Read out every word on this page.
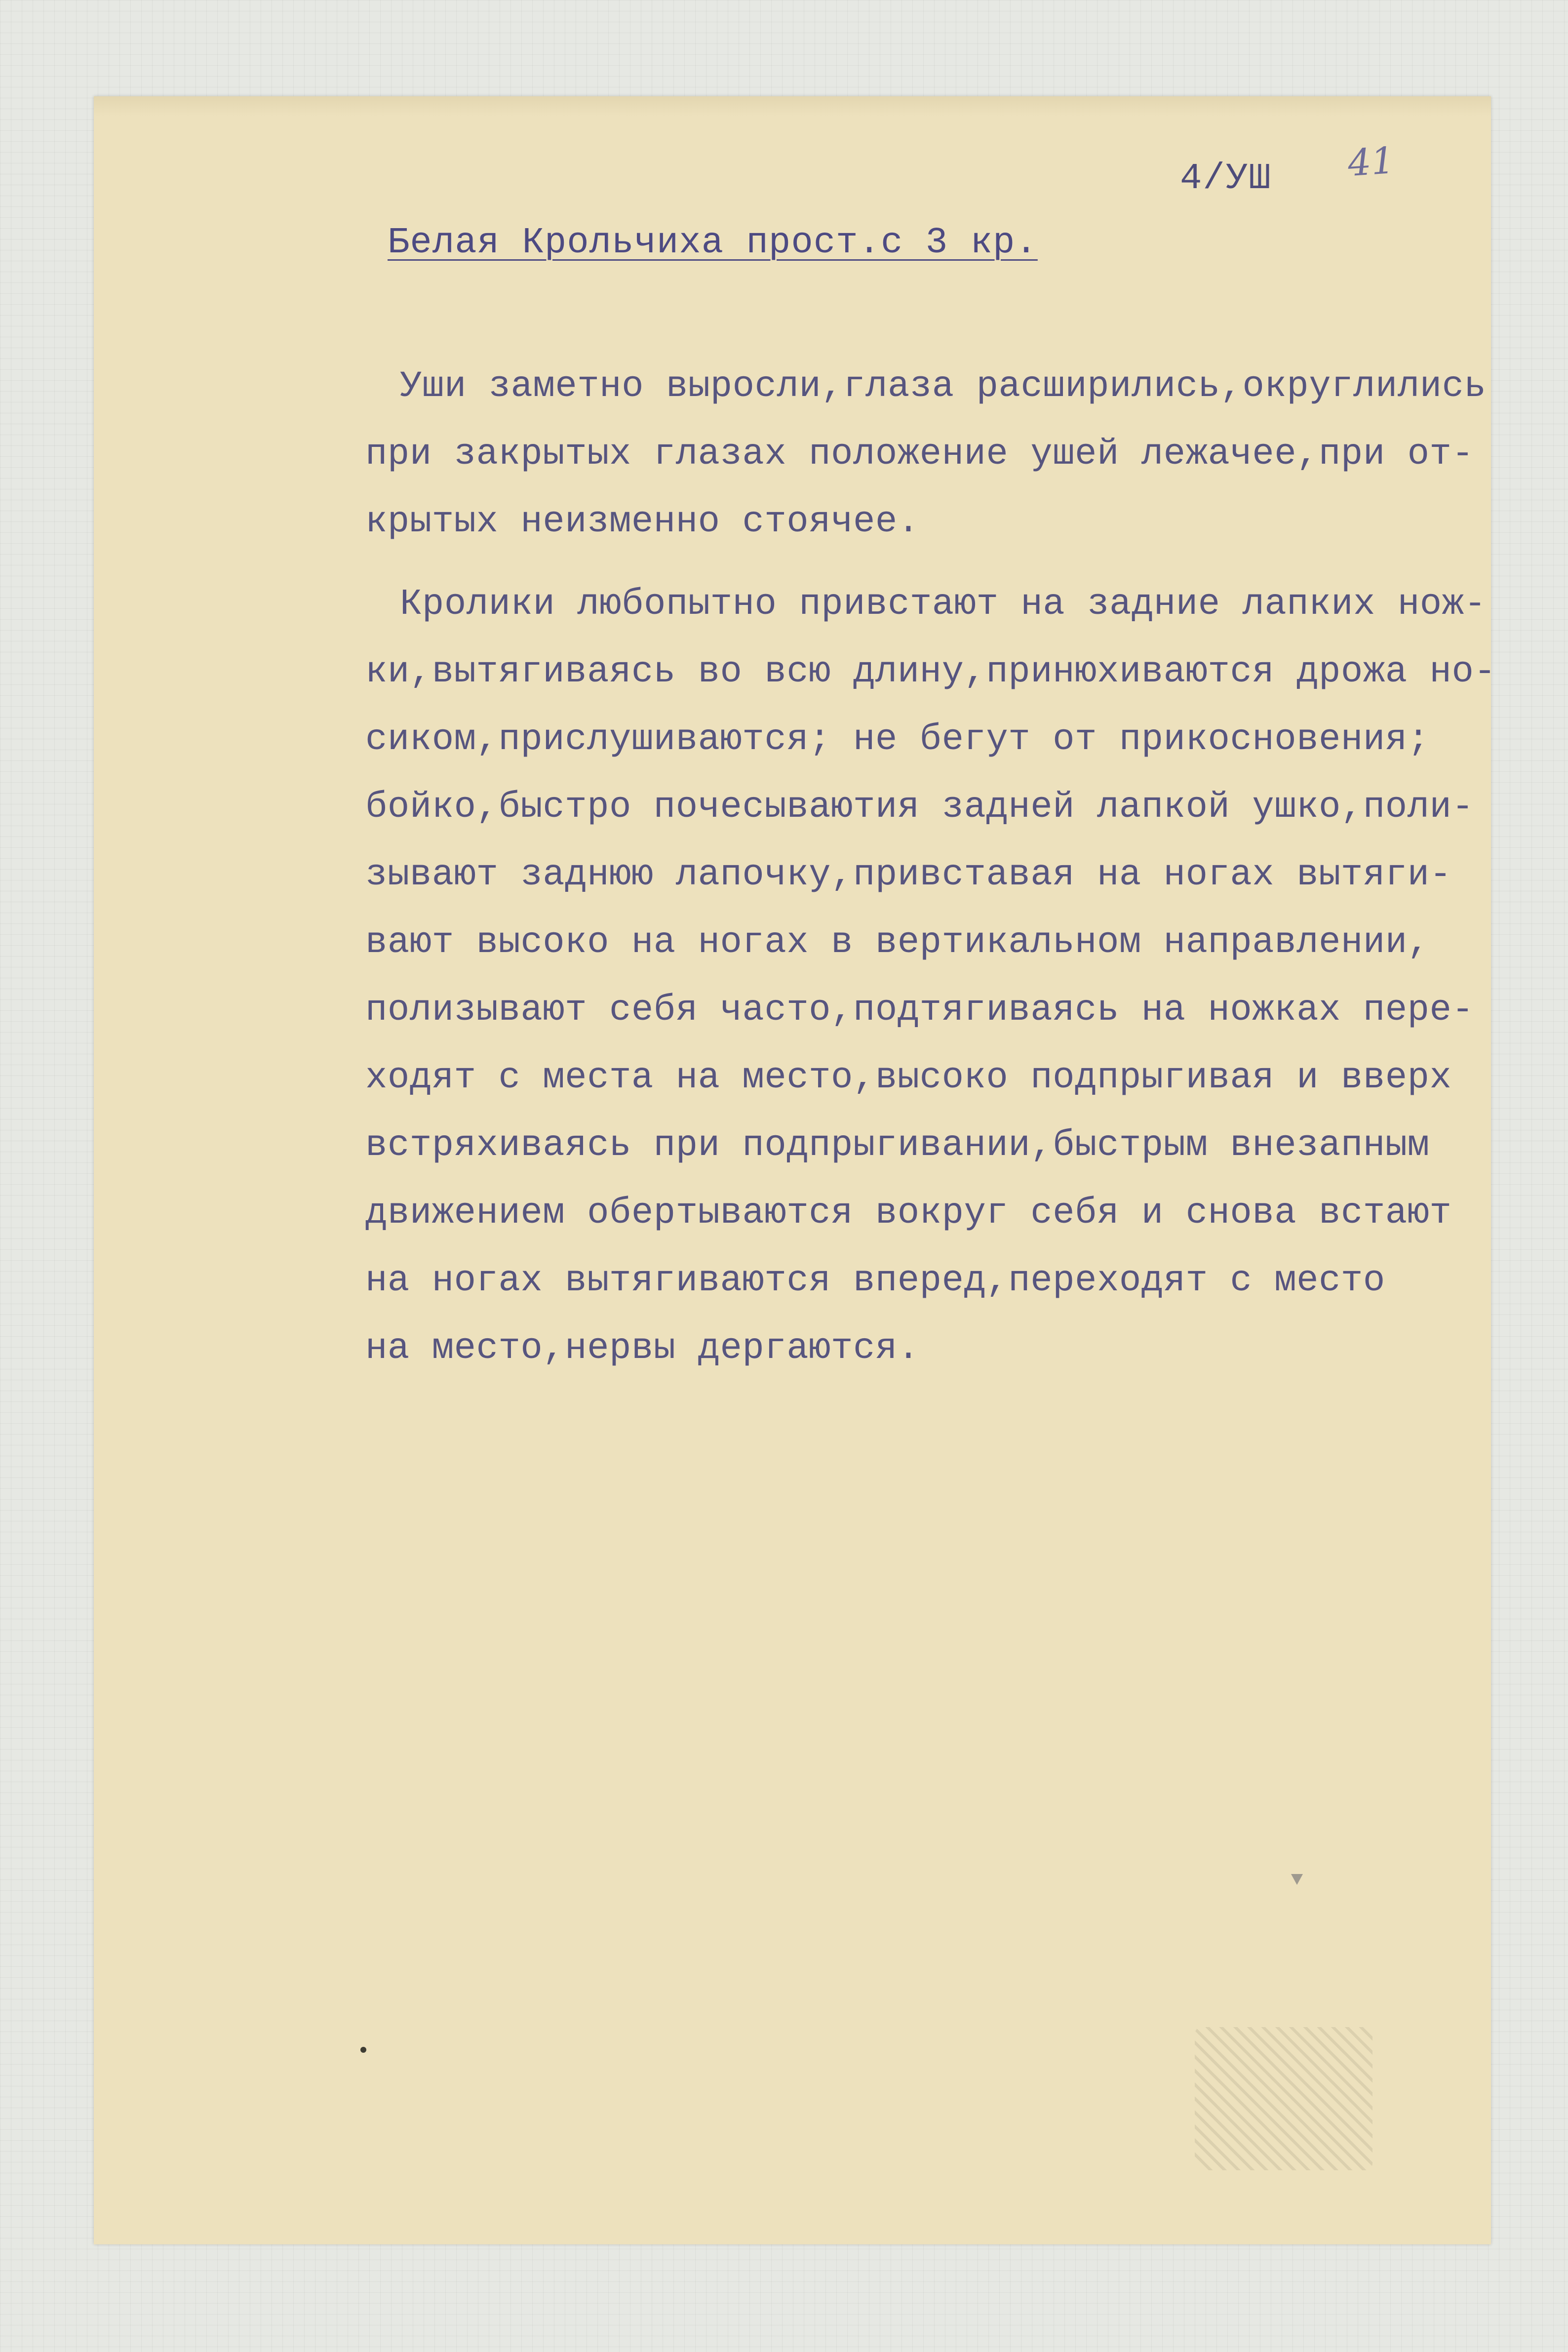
4/УШ 41
Белая Крольчиха прост.с 3 кр.
Уши заметно выросли,глаза расширились,округлились
при закрытых глазах положение ушей лежачее,при от-
крытых неизменно стоячее.
Кролики любопытно привстают на задние лапких нож-
ки,вытягиваясь во всю длину,принюхиваются дрожа но-
сиком,прислушиваются; не бегут от прикосновения;
бойко,быстро почесываютия задней лапкой ушко,поли-
зывают заднюю лапочку,привставая на ногах вытяги-
вают высоко на ногах в вертикальном направлении,
полизывают себя часто,подтягиваясь на ножках пере-
ходят с места на место,высоко подпрыгивая и вверх
встряхиваясь при подпрыгивании,быстрым внезапным
движением обертываются вокруг себя и снова встают
на ногах вытягиваются вперед,переходят с место
на место,нервы дергаются.
